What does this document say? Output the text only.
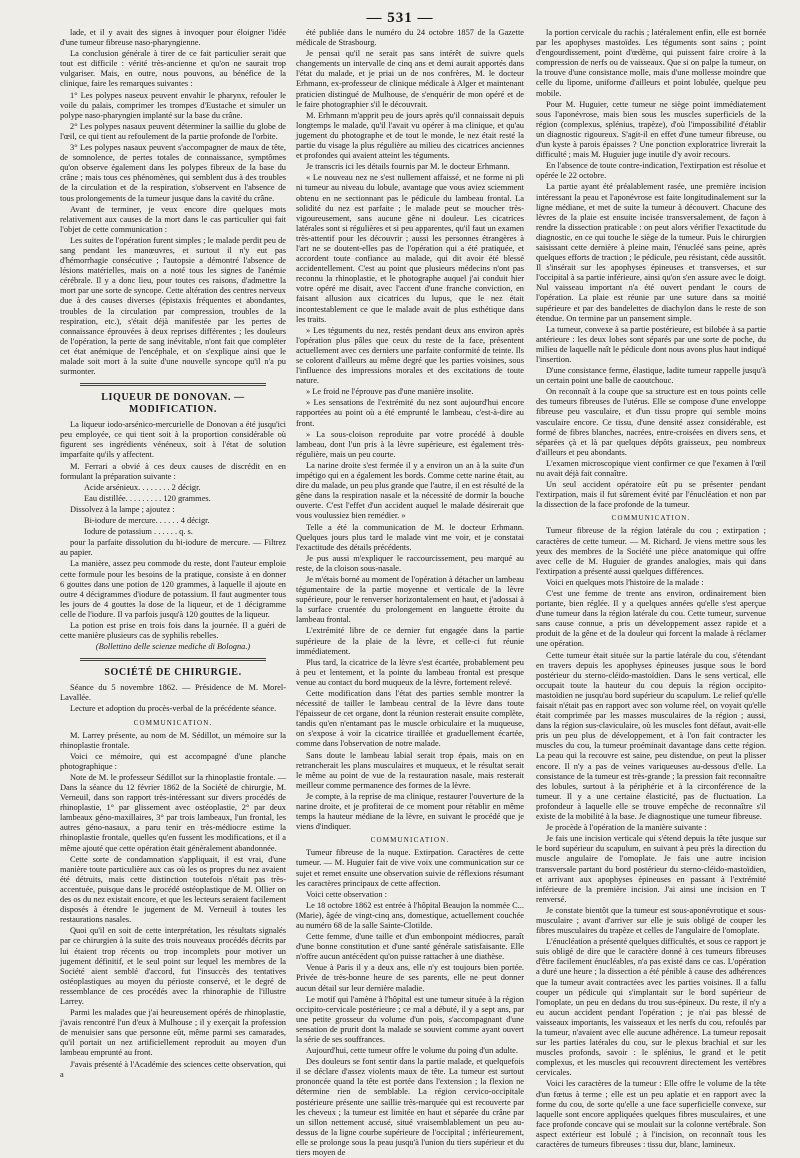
— 531 —

lade, et il y avait des signes à invoquer pour éloigner l'idée d'une tumeur fibreuse naso-pharyngienne.

La conclusion générale à tirer de ce fait particulier serait que tout est difficile : vérité très-ancienne et qu'on ne saurait trop vulgariser. Mais, en outre, nous pouvons, au bénéfice de la clinique, faire les remarques suivantes :

1° Les polypes naseux peuvent envahir le pharynx, refouler le voile du palais, comprimer les trompes d'Eustache et simuler un polype naso-pharyngien implanté sur la base du crâne.

2° Les polypes nasaux peuvent déterminer la saillie du globe de l'œil, ce qui tient au refoulement de la partie profonde de l'orbite.

3° Les polypes nasaux peuvent s'accompagner de maux de tête, de somnolence, de pertes totales de connaissance, symptômes qu'on observe également dans les polypes fibreux de la base du crâne ; mais tous ces phénomènes, qui semblent dus à des troubles de la circulation et de la respiration, s'observent en l'absence de tous prolongements de la tumeur jusque dans la cavité du crâne.

Avant de terminer, je veux encore dire quelques mots relativement aux causes de la mort dans le cas particulier qui fait l'objet de cette communication :

Les suites de l'opération furent simples ; le malade perdit peu de sang pendant les manœuvres, et surtout il n'y eut pas d'hémorrhagie consécutive ; l'autopsie a démontré l'absence de lésions matérielles, mais on a noté tous les signes de l'anémie cérébrale. Il y a donc lieu, pour toutes ces raisons, d'admettre la mort par une sorte de syncope. Cette altération des centres nerveux due à des causes diverses (épistaxis fréquentes et abondantes, troubles de la circulation par compression, troubles de la respiration, etc.), s'était déjà manifestée par les pertes de connaissance éprouvées à deux reprises différentes ; les douleurs de l'opération, la perte de sang inévitable, n'ont fait que compléter cet état anémique de l'encéphale, et on s'explique ainsi que le malade soit mort à la suite d'une nouvelle syncope qu'il n'a pu surmonter.

LIQUEUR DE DONOVAN. — MODIFICATION.

La liqueur iodo-arsénico-mercurielle de Donovan a été jusqu'ici peu employée, ce qui tient soit à la proportion considérable où figurent ses ingrédients vénéneux, soit à l'état de solution imparfaite qu'ils y affectent.

M. Ferrari a obvié à ces deux causes de discrédit en en formulant la préparation suivante :

Acide arsénieux. . . . . . . . 2 décigr.

Eau distillée. . . . . . . . . 120 grammes.

Dissolvez à la lampe ; ajoutez :

Bi-iodure de mercure. . . . . . 4 décigr.

Iodure de potassium . . . . . . q. s.

pour la parfaite dissolution du bi-iodure de mercure. — Filtrez au papier.

La manière, assez peu commode du reste, dont l'auteur emploie cette formule pour les besoins de la pratique, consiste à en donner 6 gouttes dans une potion de 120 grammes, à laquelle il ajoute en outre 4 décigrammes d'iodure de potassium. Il faut augmenter tous les jours de 4 gouttes la dose de la liqueur, et de 1 décigramme celle de l'iodure. Il va parfois jusqu'à 120 gouttes de la liqueur.

La potion est prise en trois fois dans la journée. Il a guéri de cette manière plusieurs cas de syphilis rebelles.

(Bollettino delle scienze mediche di Bologna.)

SOCIÉTÉ DE CHIRURGIE.

Séance du 5 novembre 1862. — Présidence de M. Morel-Lavallée.

Lecture et adoption du procès-verbal de la précédente séance.

COMMUNICATION.

M. Larrey présente, au nom de M. Sédillot, un mémoire sur la rhinoplastie frontale.

Voici ce mémoire, qui est accompagné d'une planche photographique :

Note de M. le professeur Sédillot sur la rhinoplastie frontale. — Dans la séance du 12 février 1862 de la Société de chirurgie, M. Verneuil, dans son rapport très-intéressant sur divers procédés de rhinoplastie, 1° par glissement avec ostéoplastie, 2° par deux lambeaux géno-maxillaires, 3° par trois lambeaux, l'un frontal, les autres géno-nasaux, a paru tenir en très-médiocre estime la rhinoplastie frontale, quelles qu'en fussent les modifications, et il a même ajouté que cette opération était généralement abandonnée.

Cette sorte de condamnation s'appliquait, il est vrai, d'une manière toute particulière aux cas où les os propres du nez avaient été détruits, mais cette distinction toutefois n'était pas très-accentuée, puisque dans le procédé ostéoplastique de M. Ollier on des os du nez existait encore, et que les lecteurs seraient facilement disposés à étendre le jugement de M. Verneuil à toutes les restaurations nasales.

Quoi qu'il en soit de cette interprétation, les résultats signalés par ce chirurgien à la suite des trois nouveaux procédés décrits par lui étaient trop récents ou trop incomplets pour motiver un jugement définitif, et le seul point sur lequel les membres de la Société aient semblé d'accord, fut l'insuccès des tentatives ostéoplastiques au moyen du périoste conservé, et le degré de ressemblance de ces procédés avec la rhinoraphie de l'illustre Larrey.

Parmi les malades que j'ai heureusement opérés de rhinoplastie, j'avais rencontré l'un d'eux à Mulhouse ; il y exerçait la profession de menuisier sans que personne eût, même parmi ses camarades, qu'il portait un nez artificiellement reproduit au moyen d'un lambeau emprunté au front.

J'avais présenté à l'Académie des sciences cette observation, qui a

été publiée dans le numéro du 24 octobre 1857 de la Gazette médicale de Strasbourg.

Je pensai qu'il ne serait pas sans intérêt de suivre quels changements un intervalle de cinq ans et demi aurait apportés dans l'état du malade, et je priai un de nos confrères, M. le docteur Erhmann, ex-professeur de clinique médicale à Alger et maintenant praticien distingué de Mulhouse, de s'enquérir de mon opéré et de le faire photographier s'il le découvrait.

M. Erhmann m'apprit peu de jours après qu'il connaissait depuis longtemps le malade, qu'il l'avait vu opérer à ma clinique, et qu'au jugement du photographe et de tout le monde, le nez était resté la partie du visage la plus régulière au milieu des cicatrices anciennes et profondes qui avaient atteint les téguments.

Je transcris ici les détails fournis par M. le docteur Erhmann.

« Le nouveau nez ne s'est nullement affaissé, et ne forme ni pli ni tumeur au niveau du lobule, avantage que vous aviez sciemment obtenu en ne sectionnant pas le pédicule du lambeau frontal. La solidité du nez est parfaite ; le malade peut se moucher très-vigoureusement, sans aucune gêne ni douleur. Les cicatrices latérales sont si régulières et si peu apparentes, qu'il faut un examen très-attentif pour les découvrir ; aussi les personnes étrangères à l'art ne se doutent-elles pas de l'opération qui a été pratiquée, et accordent toute confiance au malade, qui dit avoir été blessé accidentellement. C'est au point que plusieurs médecins n'ont pas reconnu la rhinoplastie, et le photographe auquel j'ai conduit hier votre opéré me disait, avec l'accent d'une franche conviction, en faisant allusion aux cicatrices du lupus, que le nez était incontestablement ce que le malade avait de plus esthétique dans les traits.

» Les téguments du nez, restés pendant deux ans environ après l'opération plus pâles que ceux du reste de la face, présentent actuellement avec ces derniers une parfaite conformité de teinte. Ils se colorent d'ailleurs au même degré que les parties voisines, sous l'influence des impressions morales et des excitations de toute nature.

» Le froid ne l'éprouve pas d'une manière insolite.

» Les sensations de l'extrémité du nez sont aujourd'hui encore rapportées au point où a été emprunté le lambeau, c'est-à-dire au front.

» La sous-cloison reproduite par votre procédé à double lambeau, dont l'un pris à la lèvre supérieure, est également très-régulière, mais un peu courte.

La narine droite s'est fermée il y a environ un an à la suite d'un impétigo qui en a également les bords. Comme cette narine était, au dire du malade, un peu plus grande que l'autre, il en est résulté de la gêne dans la respiration nasale et la nécessité de dormir la bouche ouverte. C'est l'effet d'un accident auquel le malade désirerait que vous voulussiez bien remédier. »

Telle a été la communication de M. le docteur Erhmann. Quelques jours plus tard le malade vint me voir, et je constatai l'exactitude des détails précédents.

Je pus aussi m'expliquer le raccourcissement, peu marqué au reste, de la cloison sous-nasale.

Je m'étais borné au moment de l'opération à détacher un lambeau tégumentaire de la partie moyenne et verticale de la lèvre supérieure, pour le renverser horizontalement en haut, et j'adossai à la surface cruentée du prolongement en languette étroite du lambeau frontal.

L'extrémité libre de ce dernier fut engagée dans la partie supérieure de la plaie de la lèvre, et celle-ci fut réunie immédiatement.

Plus tard, la cicatrice de la lèvre s'est écartée, probablement peu à peu et lentement, et la pointe du lambeau frontal est presque venue au contact du bord muqueux de la lèvre, fortement relevé.

Cette modification dans l'état des parties semble montrer la nécessité de tailler le lambeau central de la lèvre dans toute l'épaisseur de cet organe, dont la réunion resterait ensuite complète, tandis qu'en n'entamant pas le muscle orbiculaire et la muqueuse, on s'expose à voir la cicatrice tiraillée et graduellement écartée, comme dans l'observation de notre malade.

Sans doute le lambeau labial serait trop épais, mais on en retrancherait les plans musculaires et muqueux, et le résultat serait le même au point de vue de la restauration nasale, mais resterait meilleur comme permanence des formes de la lèvre.

Je compte, à la reprise de ma clinique, restaurer l'ouverture de la narine droite, et je profiterai de ce moment pour rétablir en même temps la hauteur médiane de la lèvre, en suivant le procédé que je viens d'indiquer.

COMMUNICATION.

Tumeur fibreuse de la nuque. Extirpation. Caractères de cette tumeur. — M. Huguier fait de vive voix une communication sur ce sujet et remet ensuite une observation suivie de réflexions résumant les caractères principaux de cette affection.

Voici cette observation :

Le 18 octobre 1862 est entrée à l'hôpital Beaujon la nommée C... (Marie), âgée de vingt-cinq ans, domestique, actuellement couchée au numéro 68 de la salle Sainte-Clotilde.

Cette femme, d'une taille et d'un embonpoint médiocres, paraît d'une bonne constitution et d'une santé générale satisfaisante. Elle n'offre aucun antécédent qu'on puisse rattacher à une diathèse.

Venue à Paris il y a deux ans, elle n'y est toujours bien portée. Privée de très-bonne heure de ses parents, elle ne peut donner aucun détail sur leur dernière maladie.

Le motif qui l'amène à l'hôpital est une tumeur située à la région occipito-cervicale postérieure ; ce mal a débuté, il y a sept ans, par une petite grosseur du volume d'un pois, s'accompagnant d'une sensation de prurit dont la malade se souvient comme ayant ouvert la série de ses souffrances.

Aujourd'hui, cette tumeur offre le volume du poing d'un adulte.

Des douleurs se font sentir dans la partie malade, et quelquefois il se déclare d'assez violents maux de tête. La tumeur est surtout prononcée quand la tête est portée dans l'extension ; la flexion ne détermine rien de semblable. La région cervico-occipitale postérieure présente une saillie très-marquée qui est recouverte par les cheveux ; la tumeur est limitée en haut et séparée du crâne par un sillon nettement accusé, situé vraisemblablement un peu au-dessus de la ligne courbe supérieure de l'occipital ; inférieurement, elle se prolonge sous la peau jusqu'à l'union du tiers supérieur et du tiers moyen de

la portion cervicale du rachis ; latéralement enfin, elle est bornée par les apophyses mastoïdes. Les téguments sont sains ; point d'engourdissement, point d'œdème, qui puissent faire croire à la compression de nerfs ou de vaisseaux. Que si on palpe la tumeur, on la trouve d'une consistance molle, mais d'une mollesse moindre que celle du lipome, uniforme d'ailleurs et point lobulée, quelque peu mobile.

Pour M. Huguier, cette tumeur ne siège point immédiatement sous l'aponévrose, mais bien sous les muscles superficiels de la région (complexus, splénius, trapèze), d'où l'impossibilité d'établir un diagnostic rigoureux. S'agit-il en effet d'une tumeur fibreuse, ou d'un kyste à parois épaisses ? Une ponction exploratrice livrerait la difficulté ; mais M. Huguier juge inutile d'y avoir recours.

En l'absence de toute contre-indication, l'extirpation est résolue et opérée le 22 octobre.

La partie ayant été préalablement rasée, une première incision intéressant la peau et l'aponévrose est faite longitudinalement sur la ligne médiane, et met de suite la tumeur à découvert. Chacune des lèvres de la plaie est ensuite incisée transversalement, de façon à rendre la dissection praticable : on peut alors vérifier l'exactitude du diagnostic, en ce qui touche le siège de la tumeur. Puis le chirurgien saisissant cette dernière à pleine main, l'énucléé sans peine, après quelques efforts de traction ; le pédicule, peu résistant, cède aussitôt. Il s'insérait sur les apophyses épineuses et transverses, et sur l'occipital à sa partie inférieure, ainsi qu'on s'en assure avec le doigt. Nul vaisseau important n'a été ouvert pendant le cours de l'opération. La plaie est réunie par une suture dans sa moitié supérieure et par des bandelettes de diachylon dans le reste de son étendue. On termine par un pansement simple.

La tumeur, convexe à sa partie postérieure, est bilobée à sa partie antérieure : les deux lobes sont séparés par une sorte de poche, du milieu de laquelle naît le pédicule dont nous avons plus haut indiqué l'insertion.

D'une consistance ferme, élastique, ladite tumeur rappelle jusqu'à un certain point une balle de caoutchouc.

On reconnaît à la coupe que sa structure est en tous points celle des tumeurs fibreuses de l'utérus. Elle se compose d'une enveloppe fibreuse peu vasculaire, et d'un tissu propre qui semble moins vasculaire encore. Ce tissu, d'une densité assez considérable, est formé de fibres blanches, nacrées, entre-croisées en divers sens, et séparées çà et là par quelques dépôts graisseux, peu nombreux d'ailleurs et peu abondants.

L'examen microscopique vient confirmer ce que l'examen à l'œil nu avait déjà fait connaître.

Un seul accident opératoire eût pu se présenter pendant l'extirpation, mais il fut sûrement évité par l'énucléation et non par la dissection de la face profonde de la tumeur.

COMMUNICATION.

Tumeur fibreuse de la région latérale du cou ; extirpation ; caractères de cette tumeur. — M. Richard. Je viens mettre sous les yeux des membres de la Société une pièce anatomique qui offre avec celle de M. Huguier de grandes analogies, mais qui dans l'extirpation a présenté aussi quelques différences.

Voici en quelques mots l'histoire de la malade :

C'est une femme de trente ans environ, ordinairement bien portante, bien réglée. Il y a quelques années qu'elle s'est aperçue d'une tumeur dans la région latérale du cou. Cette tumeur, survenue sans cause connue, a pris un développement assez rapide et a produit de la gêne et de la douleur qui forcent la malade à réclamer une opération.

Cette tumeur était située sur la partie latérale du cou, s'étendant en travers depuis les apophyses épineuses jusque sous le bord postérieur du sterno-cléido-mastoïdien. Dans le sens vertical, elle occupait toute la hauteur du cou depuis la région occipito-mastoïdien ne jusqu'au bord supérieur du scapulum. Le relief qu'elle faisait n'était pas en rapport avec son volume réel, on voyait qu'elle était comprimée par les masses musculaires de la région ; aussi, dans la région sus-claviculaire, où les muscles font défaut, avait-elle pris un peu plus de développement, et à l'on fait contracter les muscles du cou, la tumeur proéminait davantage dans cette région. La peau qui la recouvre est saine, peu distendue, on peut la plisser encore. Il n'y a pas de veines variqueuses au-dessous d'elle. La consistance de la tumeur est très-grande ; la pression fait reconnaître des lobules, surtout à la périphérie et à la circonférence de la tumeur. Il y a une certaine élasticité, pas de fluctuation. La profondeur à laquelle elle se trouve empêche de reconnaître s'il existe de la mobilité à la base. Je diagnostique une tumeur fibreuse.

Je procède à l'opération de la manière suivante :

Je fais une incision verticale qui s'étend depuis la tête jusque sur le bord supérieur du scapulum, en suivant à peu près la direction du muscle angulaire de l'omoplate. Je fais une autre incision transversale partant du bord postérieur du sterno-cléido-mastoïdien, et arrivant aux apophyses épineuses en passant à l'extrémité inférieure de la première incision. J'ai ainsi une incision en T renversé.

Je constate bientôt que la tumeur est sous-aponévrotique et sous-musculaire ; avant d'arriver sur elle je suis obligé de couper les fibres musculaires du trapèze et celles de l'angulaire de l'omoplate.

L'énucléation a présenté quelques difficultés, et sous ce rapport je suis obligé de dire que le caractère donné à ces tumeurs fibreuses d'être facilement énucléables, n'a pas existé dans ce cas. L'opération a duré une heure ; la dissection a été pénible à cause des adhérences que la tumeur avait contractées avec les parties voisines. Il a fallu couper un pédicule qui s'implantait sur le bord supérieur de l'omoplate, un peu en dedans du trou sus-épineux. Du reste, il n'y a eu aucun accident pendant l'opération ; je n'ai pas blessé de vaisseaux importants, les vaisseaux et les nerfs du cou, refoulés par la tumeur, n'avaient avec elle aucune adhérence. La tumeur reposait sur les parties latérales du cou, sur le plexus brachial et sur les muscles profonds, savoir : le splénius, le grand et le petit complexus, et les muscles qui recouvrent directement les vertèbres cervicales.

Voici les caractères de la tumeur : Elle offre le volume de la tête d'un fœtus à terme ; elle est un peu aplatie et en rapport avec la forme du cou, de sorte qu'elle a une face superficielle convexe, sur laquelle sont encore appliquées quelques fibres musculaires, et une face profonde concave qui se moulait sur la colonne vertébrale. Son aspect extérieur est lobulé ; à l'incision, on reconnaît tous les caractères de tumeurs fibreuses : tissu dur, blanc, lamineux.
